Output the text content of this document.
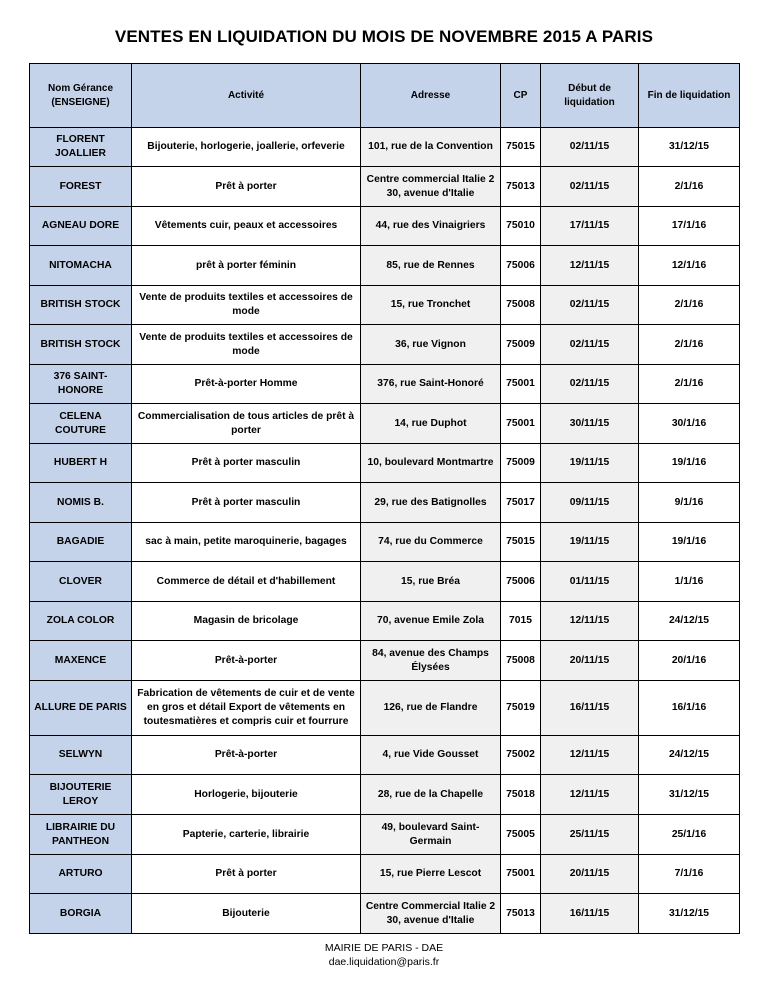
VENTES EN LIQUIDATION DU MOIS DE NOVEMBRE 2015 A PARIS
Nom Gérance (ENSEIGNE)	Activité	Adresse	CP	Début de liquidation	Fin de liquidation
FLORENT JOALLIER	Bijouterie, horlogerie, joallerie, orfeverie	101, rue de la Convention	75015	02/11/15	31/12/15
FOREST	Prêt à porter	Centre commercial Italie 2 30, avenue d'Italie	75013	02/11/15	2/1/16
AGNEAU DORE	Vêtements cuir, peaux et accessoires	44, rue des Vinaigriers	75010	17/11/15	17/1/16
NITOMACHA	prêt à porter féminin	85, rue de Rennes	75006	12/11/15	12/1/16
BRITISH STOCK	Vente de produits textiles et accessoires de mode	15, rue Tronchet	75008	02/11/15	2/1/16
BRITISH STOCK	Vente de produits textiles et accessoires de mode	36, rue Vignon	75009	02/11/15	2/1/16
376 SAINT-HONORE	Prêt-à-porter Homme	376, rue Saint-Honoré	75001	02/11/15	2/1/16
CELENA COUTURE	Commercialisation de tous articles de prêt à porter	14, rue Duphot	75001	30/11/15	30/1/16
HUBERT H	Prêt à porter masculin	10, boulevard Montmartre	75009	19/11/15	19/1/16
NOMIS B.	Prêt à porter masculin	29, rue des Batignolles	75017	09/11/15	9/1/16
BAGADIE	sac à main, petite maroquinerie, bagages	74, rue du Commerce	75015	19/11/15	19/1/16
CLOVER	Commerce de détail et d'habillement	15, rue Bréa	75006	01/11/15	1/1/16
ZOLA COLOR	Magasin de bricolage	70, avenue Emile Zola	7015	12/11/15	24/12/15
MAXENCE	Prêt-à-porter	84, avenue des Champs Élysées	75008	20/11/15	20/1/16
ALLURE DE PARIS	Fabrication de vêtements de cuir et de vente en gros et détail Export de vêtements en toutesmatières et compris cuir et fourrure	126, rue de Flandre	75019	16/11/15	16/1/16
SELWYN	Prêt-à-porter	4, rue Vide Gousset	75002	12/11/15	24/12/15
BIJOUTERIE LEROY	Horlogerie, bijouterie	28, rue de la Chapelle	75018	12/11/15	31/12/15
LIBRAIRIE DU PANTHEON	Papterie, carterie, librairie	49, boulevard Saint-Germain	75005	25/11/15	25/1/16
ARTURO	Prêt à porter	15, rue Pierre Lescot	75001	20/11/15	7/1/16
BORGIA	Bijouterie	Centre Commercial Italie 2 30, avenue d'Italie	75013	16/11/15	31/12/15
MAIRIE DE PARIS - DAE
dae.liquidation@paris.fr
